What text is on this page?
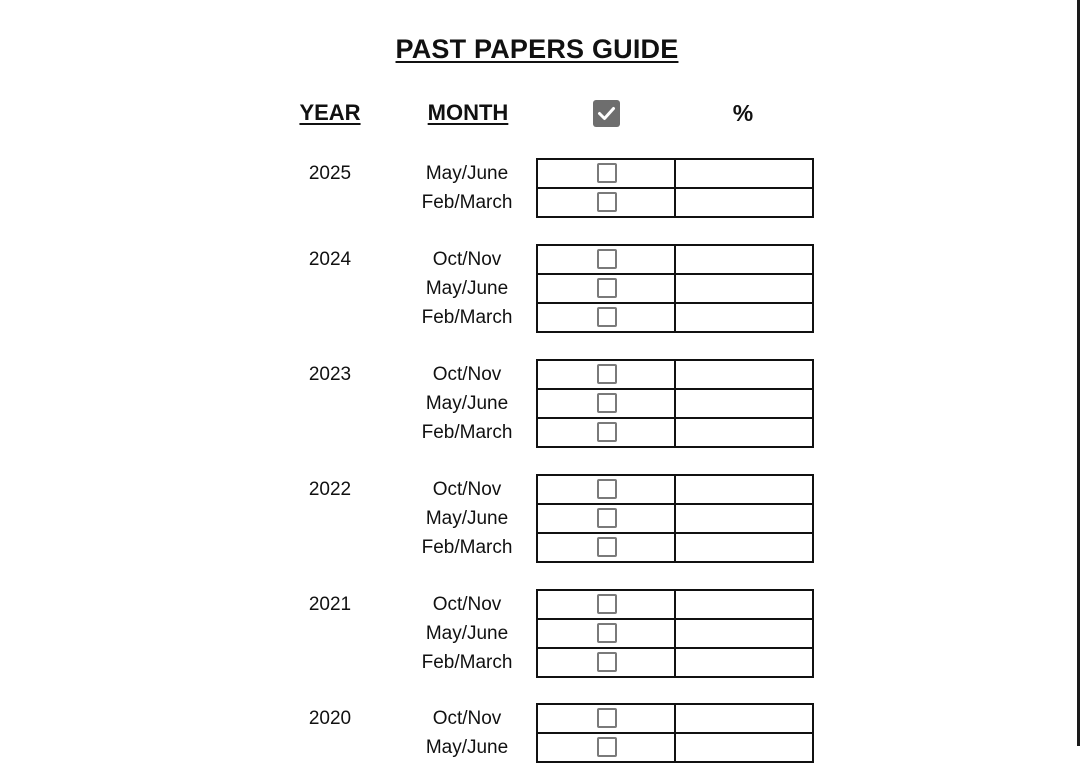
PAST PAPERS GUIDE
YEAR	MONTH	%
2025	May/June
Feb/March
2024	Oct/Nov
May/June
Feb/March
2023	Oct/Nov
May/June
Feb/March
2022	Oct/Nov
May/June
Feb/March
2021	Oct/Nov
May/June
Feb/March
2020	Oct/Nov
May/June
